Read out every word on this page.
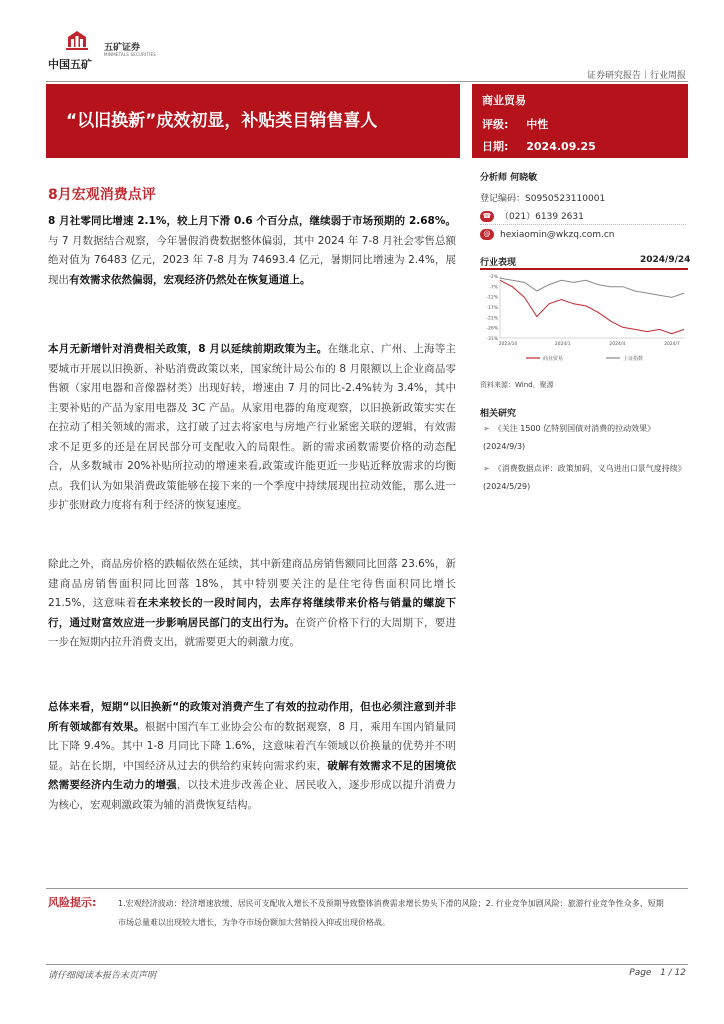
中国五矿
五矿证券
MINMETALS SECURITIES
证券研究报告｜行业周报
“以旧换新”成效初显，补贴类目销售喜人
商业贸易
评级: 中性
日期: 2024.09.25
8月宏观消费点评
8 月社零同比增速 2.1%，较上月下滑 0.6 个百分点，继续弱于市场预期的 2.68%。与 7 月数据结合观察，今年暑假消费数据整体偏弱，其中 2024 年 7-8 月社会零售总额绝对值为 76483 亿元，2023 年 7-8 月为 74693.4 亿元，暑期同比增速为 2.4%，展现出有效需求依然偏弱，宏观经济仍然处在恢复通道上。
本月无新增针对消费相关政策，8 月以延续前期政策为主。在继北京、广州、上海等主要城市开展以旧换新、补贴消费政策以来，国家统计局公布的 8 月限额以上企业商品零售额（家用电器和音像器材类）出现好转，增速由 7 月的同比-2.4%转为 3.4%，其中主要补贴的产品为家用电器及 3C 产品。从家用电器的角度观察，以旧换新政策实实在在拉动了相关领域的需求，这打破了过去将家电与房地产行业紧密关联的逻辑，有效需求不足更多的还是在居民部分可支配收入的局限性。新的需求函数需要价格的动态配合，从多数城市 20%补贴所拉动的增速来看,政策或许能更近一步贴近释放需求的均衡点。我们认为如果消费政策能够在接下来的一个季度中持续展现出拉动效能，那么进一步扩张财政力度将有利于经济的恢复速度。
除此之外，商品房价格的跌幅依然在延续，其中新建商品房销售额同比回落 23.6%，新建商品房销售面积同比回落 18%，其中特别要关注的是住宅待售面积同比增长 21.5%，这意味着在未来较长的一段时间内，去库存将继续带来价格与销量的螺旋下行，通过财富效应进一步影响居民部门的支出行为。在资产价格下行的大周期下，要进一步在短期内拉升消费支出，就需要更大的刺激力度。
总体来看，短期“以旧换新“的政策对消费产生了有效的拉动作用，但也必须注意到并非所有领域都有效果。根据中国汽车工业协会公布的数据观察，8 月，乘用车国内销量同比下降 9.4%。其中 1-8 月同比下降 1.6%，这意味着汽车领域以价换量的优势并不明显。站在长期，中国经济从过去的供给约束转向需求约束，破解有效需求不足的困境依然需要经济内生动力的增强，以技术进步改善企业、居民收入，逐步形成以提升消费力为核心，宏观刺激政策为辅的消费恢复结构。
分析师 何晓敏
登记编码：S0950523110001
☎ （021）6139 2631
@ hexiaomin@wkzq.com.cn
行业表现	2024/9/24
-2%
-7%
-12%
-17%
-21%
-26%
-31%
2023/10	2024/1	2024/4	2024/7
商业贸易	上证指数
资料来源：Wind，聚源
相关研究
➢ 《关注 1500 亿特别国债对消费的拉动效果》(2024/9/3)
➢ 《消费数据点评：政策加码，义乌进出口景气度持续》(2024/5/29)
风险提示:	1.宏观经济波动：经济增速放缓、居民可支配收入增长不及预期导致整体消费需求增长势头下滑的风险；2. 行业竞争加剧风险：旅游行业竞争性众多、短期市场总量难以出现较大增长，为争夺市场份额加大营销投入抑或出现价格战。
请仔细阅读本报告末页声明	Page 1 / 12
